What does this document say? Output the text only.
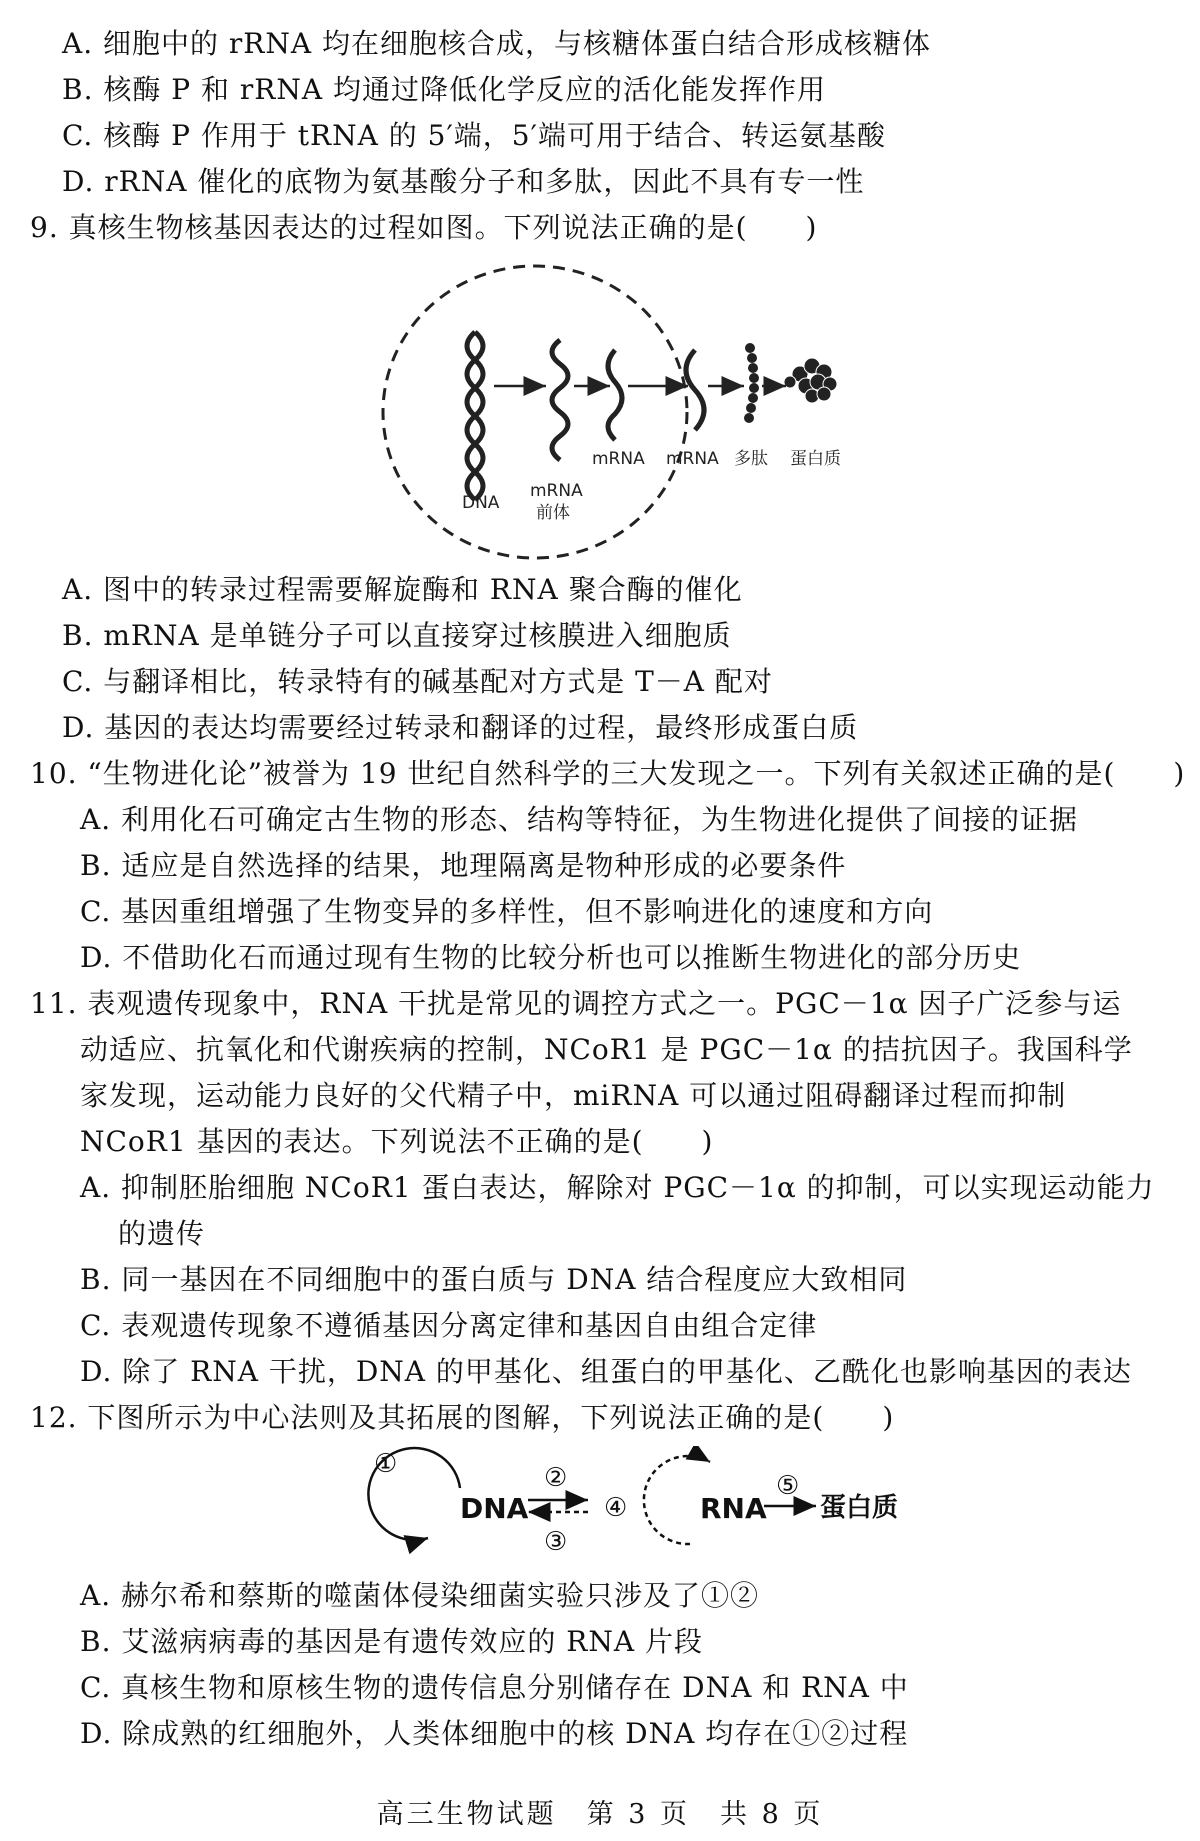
A. 细胞中的 rRNA 均在细胞核合成，与核糖体蛋白结合形成核糖体
B. 核酶 P 和 rRNA 均通过降低化学反应的活化能发挥作用
C. 核酶 P 作用于 tRNA 的 5′端，5′端可用于结合、转运氨基酸
D. rRNA 催化的底物为氨基酸分子和多肽，因此不具有专一性
9. 真核生物核基因表达的过程如图。下列说法正确的是(　　)
DNA
mRNA
前体
mRNA mRNA 多肽 蛋白质
A. 图中的转录过程需要解旋酶和 RNA 聚合酶的催化
B. mRNA 是单链分子可以直接穿过核膜进入细胞质
C. 与翻译相比，转录特有的碱基配对方式是 T－A 配对
D. 基因的表达均需要经过转录和翻译的过程，最终形成蛋白质
10. “生物进化论”被誉为 19 世纪自然科学的三大发现之一。下列有关叙述正确的是(　　)
A. 利用化石可确定古生物的形态、结构等特征，为生物进化提供了间接的证据
B. 适应是自然选择的结果，地理隔离是物种形成的必要条件
C. 基因重组增强了生物变异的多样性，但不影响进化的速度和方向
D. 不借助化石而通过现有生物的比较分析也可以推断生物进化的部分历史
11. 表观遗传现象中，RNA 干扰是常见的调控方式之一。PGC－1α 因子广泛参与运
动适应、抗氧化和代谢疾病的控制，NCoR1 是 PGC－1α 的拮抗因子。我国科学
家发现，运动能力良好的父代精子中，miRNA 可以通过阻碍翻译过程而抑制
NCoR1 基因的表达。下列说法不正确的是(　　)
A. 抑制胚胎细胞 NCoR1 蛋白表达，解除对 PGC－1α 的抑制，可以实现运动能力
的遗传
B. 同一基因在不同细胞中的蛋白质与 DNA 结合程度应大致相同
C. 表观遗传现象不遵循基因分离定律和基因自由组合定律
D. 除了 RNA 干扰，DNA 的甲基化、组蛋白的甲基化、乙酰化也影响基因的表达
12. 下图所示为中心法则及其拓展的图解，下列说法正确的是(　　)
DNA	RNA 蛋白质
①	②
③
④
⑤
A. 赫尔希和蔡斯的噬菌体侵染细菌实验只涉及了①②
B. 艾滋病病毒的基因是有遗传效应的 RNA 片段
C. 真核生物和原核生物的遗传信息分别储存在 DNA 和 RNA 中
D. 除成熟的红细胞外，人类体细胞中的核 DNA 均存在①②过程
高三生物试题　第 3 页　共 8 页
